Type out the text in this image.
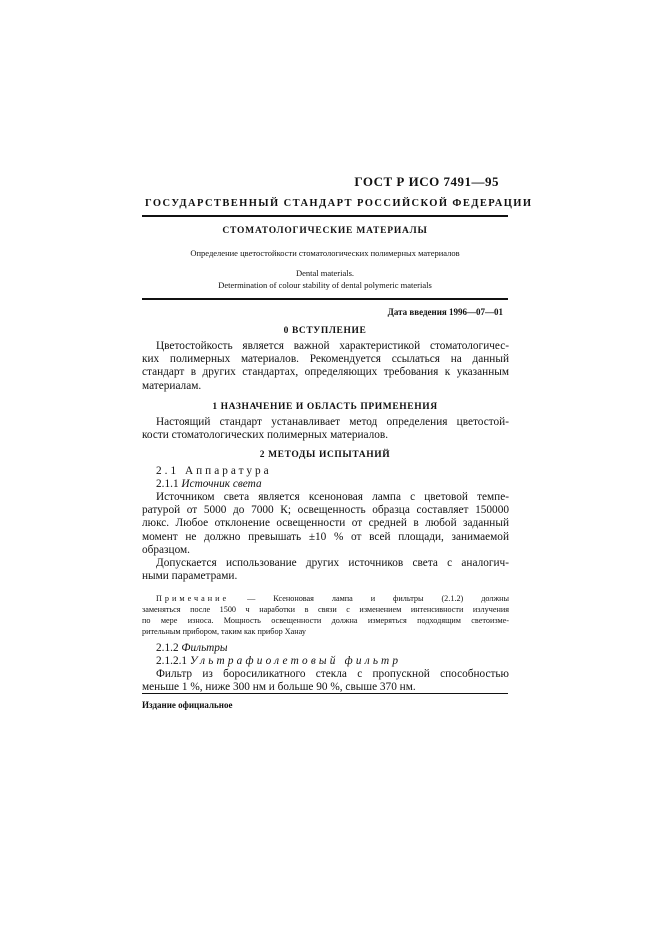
ГОСТ Р ИСО 7491—95
ГОСУДАРСТВЕННЫЙ СТАНДАРТ РОССИЙСКОЙ ФЕДЕРАЦИИ
СТОМАТОЛОГИЧЕСКИЕ МАТЕРИАЛЫ
Определение цветостойкости стоматологических полимерных материалов
Dental materials.
Determination of colour stability of dental polymeric materials
Дата введения 1996—07—01
0 ВСТУПЛЕНИЕ
Цветостойкость является важной характеристикой стоматологичес-
ких полимерных материалов. Рекомендуется ссылаться на данный
стандарт в других стандартах, определяющих требования к указанным
материалам.
1 НАЗНАЧЕНИЕ И ОБЛАСТЬ ПРИМЕНЕНИЯ
Настоящий стандарт устанавливает метод определения цветостой-
кости стоматологических полимерных материалов.
2 МЕТОДЫ ИСПЫТАНИЙ
2.1 Аппаратура
2.1.1 Источник света
Источником света является ксеноновая лампа с цветовой темпе-
ратурой от 5000 до 7000 К; освещенность образца составляет 150000
люкс. Любое отклонение освещенности от средней в любой заданный
момент не должно превышать ±10 % от всей площади, занимаемой
образцом.
Допускается использование других источников света с аналогич-
ными параметрами.
Примечание — Ксеноновая лампа и фильтры (2.1.2) должны
заменяться после 1500 ч наработки в связи с изменением интенсивности излучения
по мере износа. Мощность освещенности должна измеряться подходящим светоизме-
рительным прибором, таким как прибор Ханау
2.1.2 Фильтры
2.1.2.1 Ультрафиолетовый фильтр
Фильтр из боросиликатного стекла с пропускной способностью
меньше 1 %, ниже 300 нм и больше 90 %, свыше 370 нм.
Издание официальное
